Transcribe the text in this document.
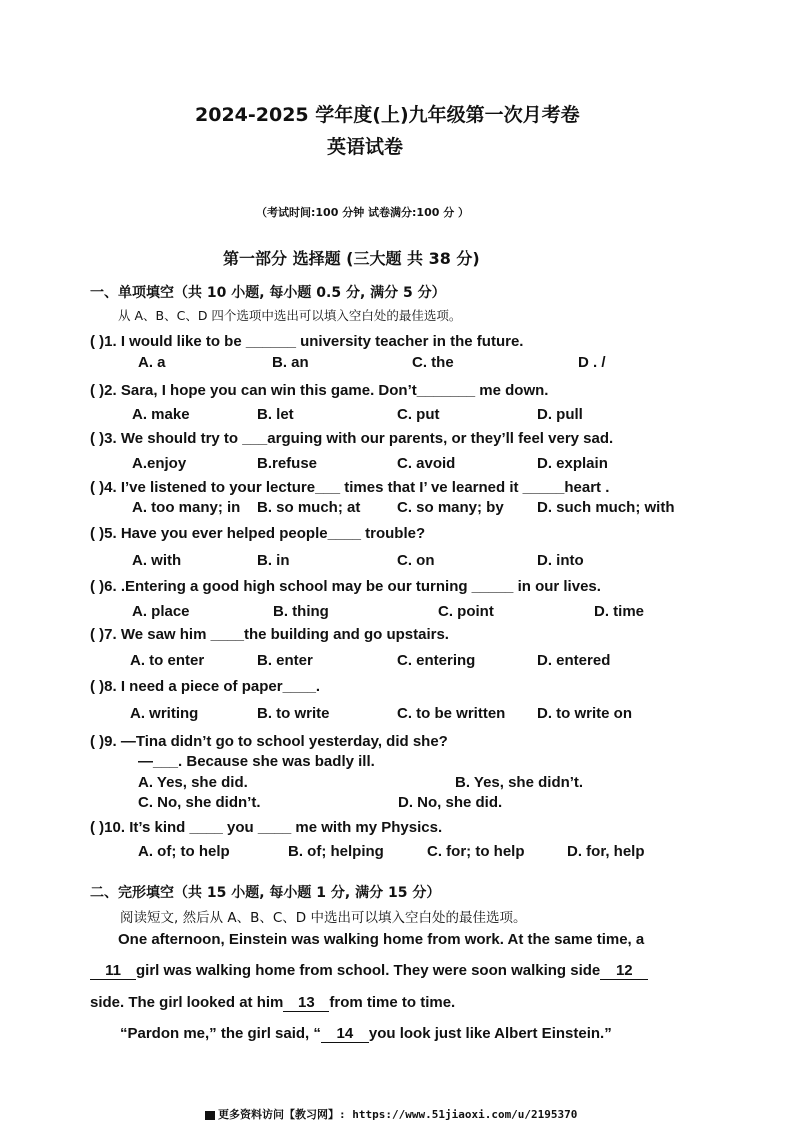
2024-2025 学年度(上)九年级第一次月考卷
英语试卷
（考试时间:100 分钟 试卷满分:100 分 ）
第一部分 选择题 (三大题 共 38 分)
一、单项填空（共 10 小题, 每小题 0.5 分, 满分 5 分）
从 A、B、C、D 四个选项中选出可以填入空白处的最佳选项。
( )1. I would like to be ______ university teacher in the future.
A. a	B. an	C. the	D . /
( )2. Sara, I hope you can win this game. Don’t_______ me down.
A. make	B. let	C. put	D. pull
( )3. We should try to ___arguing with our parents, or they’ll feel very sad.
A.enjoy	B.refuse	C. avoid	D. explain
( )4. I’ve listened to your lecture___ times that I’ ve learned it _____heart .
A. too many; in B. so much; at C. so many; by D. such much; with
( )5. Have you ever helped people____ trouble?
A. with	B. in	C. on	D. into
( )6. .Entering a good high school may be our turning _____ in our lives.
A. place	B. thing	C. point	D. time
( )7. We saw him ____the building and go upstairs.
A. to enter	B. enter	C. entering	D. entered
( )8. I need a piece of paper____.
A. writing	B. to write	C. to be written D. to write on
( )9. —Tina didn’t go to school yesterday, did she?
—___. Because she was badly ill.
A. Yes, she did.	B. Yes, she didn’t.
C. No, she didn’t.	D. No, she did.
( )10. It’s kind ____ you ____ me with my Physics.
A. of; to help	B. of; helping	C. for; to help	D. for, help
二、完形填空（共 15 小题, 每小题 1 分, 满分 15 分）
阅读短文, 然后从 A、B、C、D 中选出可以填入空白处的最佳选项。
One afternoon, Einstein was walking home from work. At the same time, a
11 girl was walking home from school. They were soon walking side 12
side. The girl looked at him 13 from time to time.
“Pardon me,” the girl said, “ 14 you look just like Albert Einstein.”
更多资料访问【教习网】: https://www.51jiaoxi.com/u/2195370
